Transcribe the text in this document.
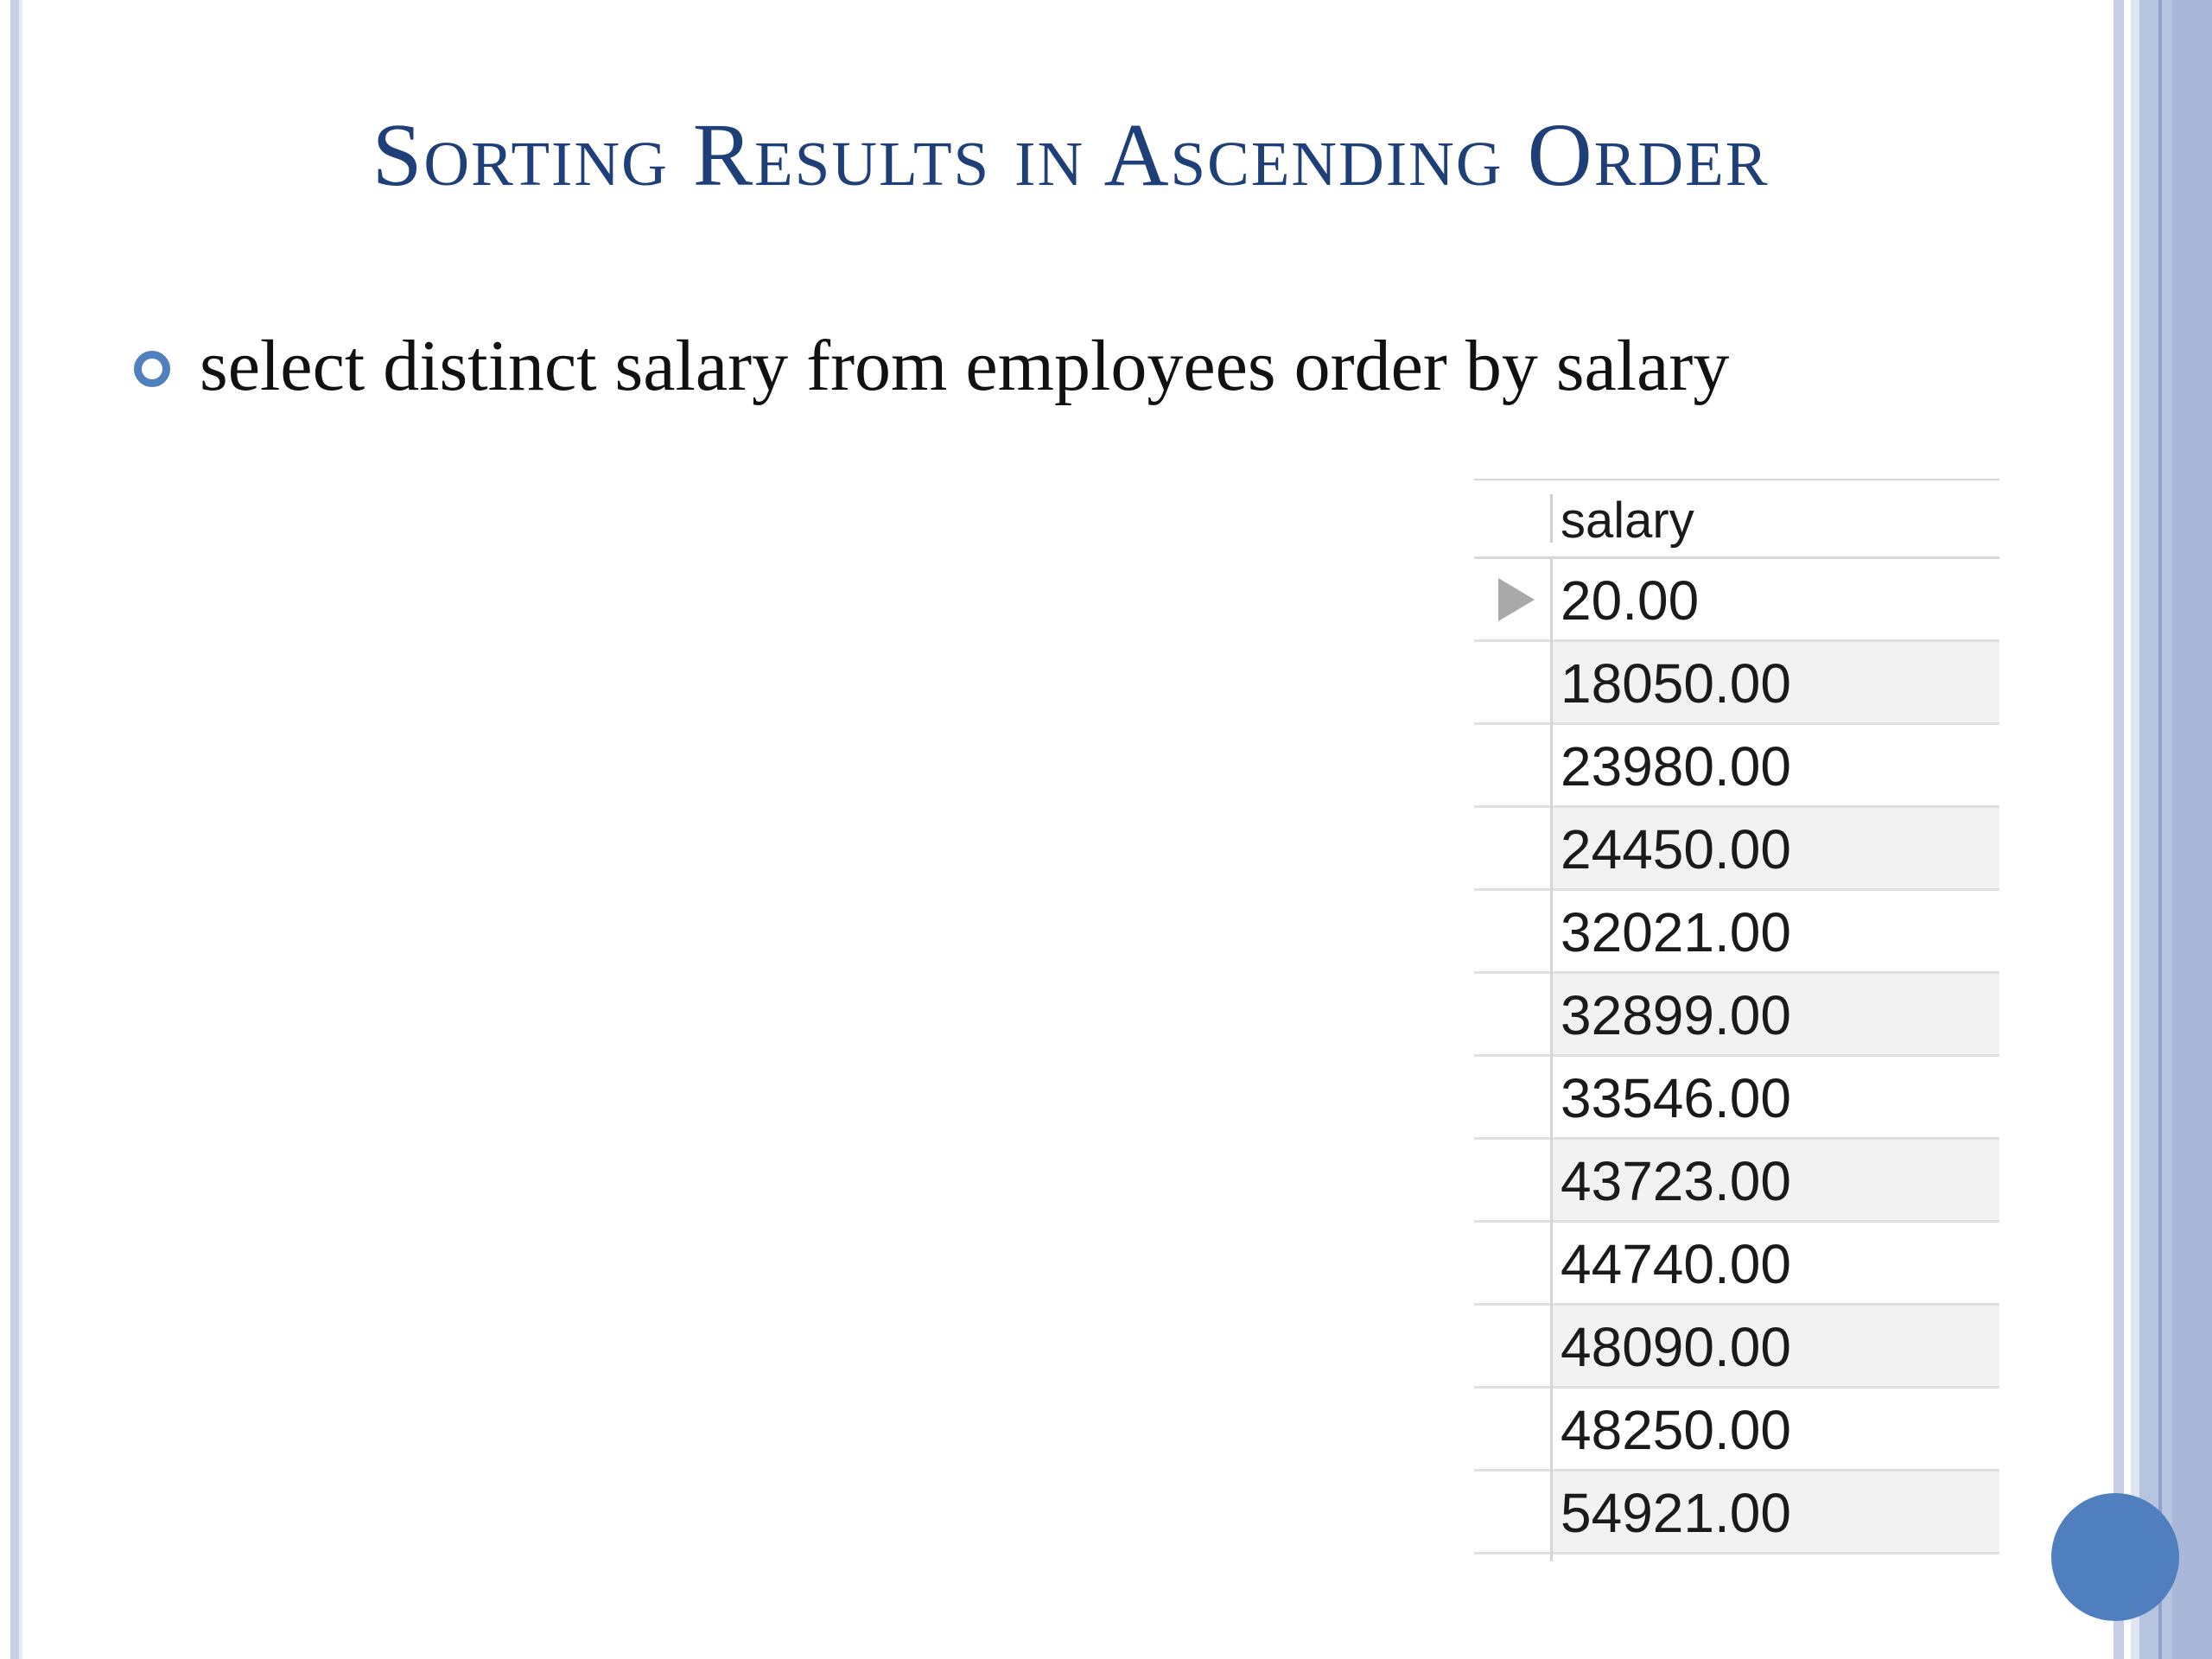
Sorting Results in Ascending Order
select distinct salary from employees order by salary
salary
20.00
18050.00
23980.00
24450.00
32021.00
32899.00
33546.00
43723.00
44740.00
48090.00
48250.00
54921.00
